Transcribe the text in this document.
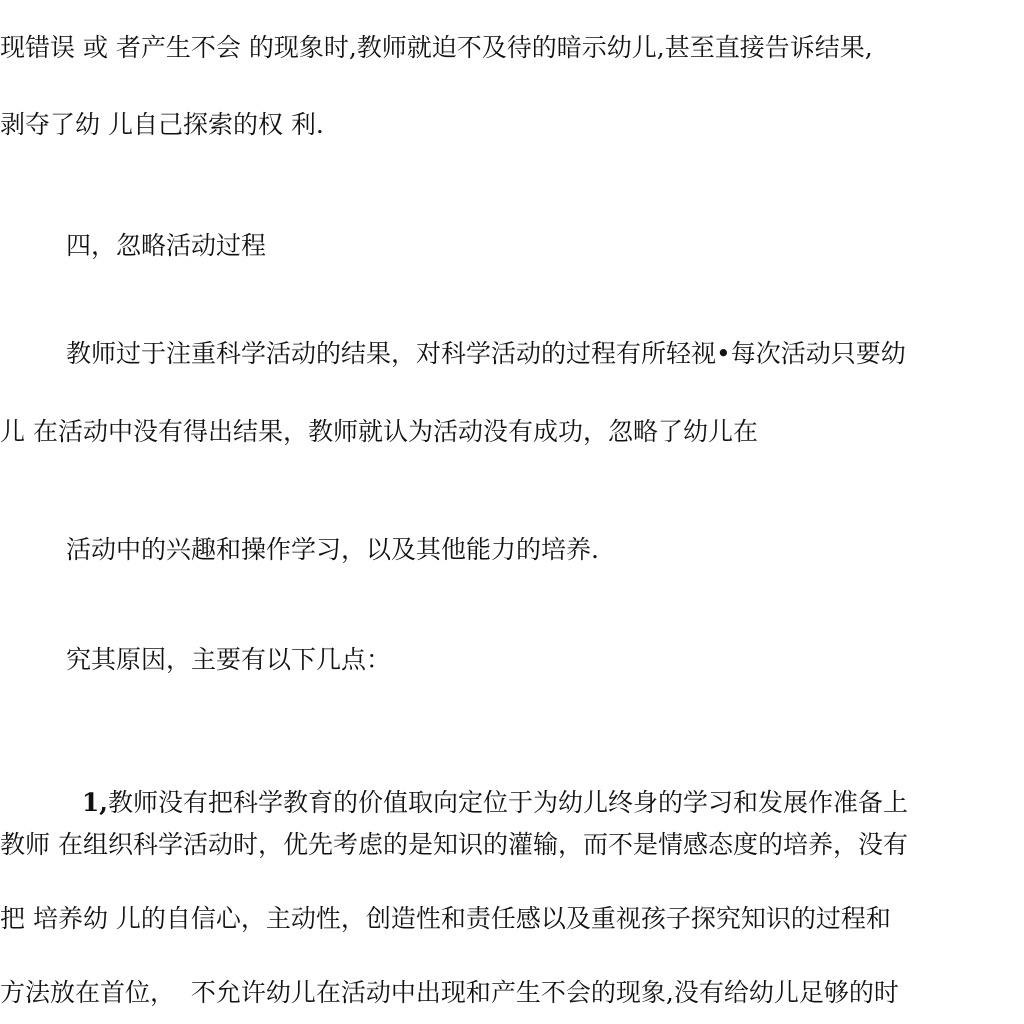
现错误 或 者产生不会 的现象时,教师就迫不及待的暗示幼儿,甚至直接告诉结果,
剥夺了幼 儿自己探索的权 利.
四，忽略活动过程
教师过于注重科学活动的结果，对科学活动的过程有所轻视•每次活动只要幼
儿 在活动中没有得出结果，教师就认为活动没有成功，忽略了幼儿在
活动中的兴趣和操作学习，以及其他能力的培养.
究其原因，主要有以下几点：

1,教师没有把科学教育的价值取向定位于为幼儿终身的学习和发展作准备上

教师 在组织科学活动时，优先考虑的是知识的灌输，而不是情感态度的培养，没有
把 培养幼 儿的自信心，主动性，创造性和责任感以及重视孩子探究知识的过程和
方法放在首位，  不允许幼儿在活动中出现和产生不会的现象,没有给幼儿足够的时
